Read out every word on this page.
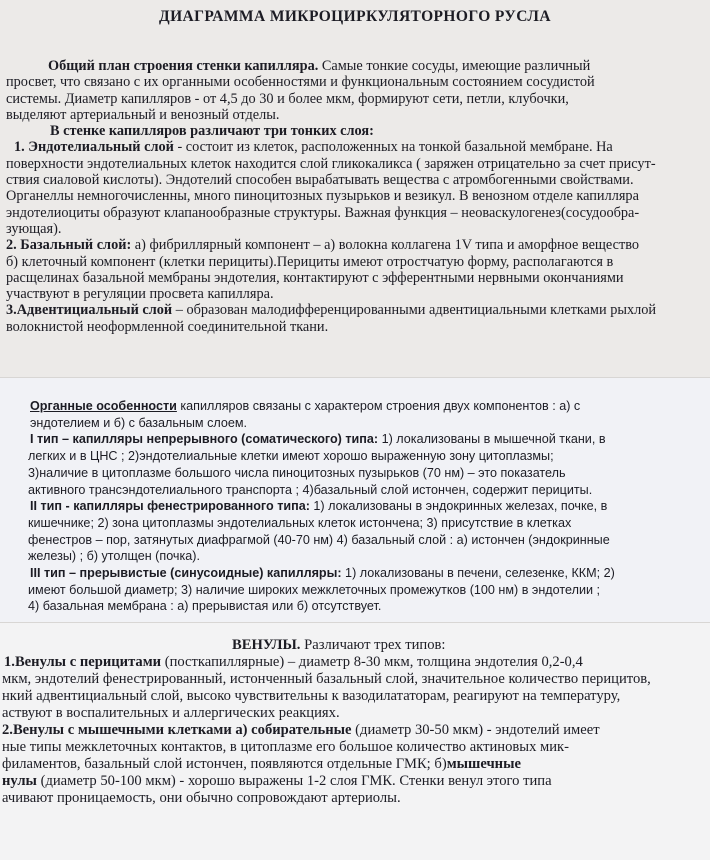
ДИАГРАММА МИКРОЦИРКУЛЯТОРНОГО РУСЛА
Общий план строения стенки капилляра. Самые тонкие сосуды, имеющие различный
просвет, что связано с их органными особенностями и функциональным состоянием сосудистой
системы. Диаметр капилляров - от 4,5 до 30 и более мкм, формируют сети, петли, клубочки,
выделяют артериальный и венозный отделы.
В стенке капилляров различают три тонких слоя:
1. Эндотелиальный слой - состоит из клеток, расположенных на тонкой базальной мембране. На
поверхности эндотелиальных клеток находится слой гликокаликса ( заряжен отрицательно за счет присут-
ствия сиаловой кислоты). Эндотелий способен вырабатывать вещества с атромбогенными свойствами.
Органеллы немногочисленны, много пиноцитозных пузырьков и везикул. В венозном отделе капилляра
эндотелиоциты образуют клапанообразные структуры. Важная функция – неоваскулогенез(сосудообра-
зующая).
2. Базальный слой: а) фибриллярный компонент – а) волокна коллагена 1V типа и аморфное вещество
б) клеточный компонент (клетки перициты).Перициты имеют отростчатую форму, располагаются в
расщелинах базальной мембраны эндотелия, контактируют с эфферентными нервными окончаниями
участвуют в регуляции просвета капилляра.
3.Адвентициальный слой – образован малодифференцированными адвентициальными клетками рыхлой
волокнистой неоформленной соединительной ткани.
Органные особенности капилляров связаны с характером строения двух компонентов : а) с
эндотелием и б) с базальным слоем.
I тип – капилляры непрерывного (соматического) типа: 1) локализованы в мышечной ткани, в
легких и в ЦНС ; 2)эндотелиальные клетки имеют хорошо выраженную зону цитоплазмы;
3)наличие в цитоплазме большого числа пиноцитозных пузырьков (70 нм) – это показатель
активного трансэндотелиального транспорта ; 4)базальный слой истончен, содержит перициты.
II тип - капилляры фенестрированного типа: 1) локализованы в эндокринных железах, почке, в
кишечнике; 2) зона цитоплазмы эндотелиальных клеток истончена; 3) присутствие в клетках
фенестров – пор, затянутых диафрагмой (40-70 нм) 4) базальный слой : а) истончен (эндокринные
железы) ; б) утолщен (почка).
III тип – прерывистые (синусоидные) капилляры: 1) локализованы в печени, селезенке, ККМ; 2)
имеют большой диаметр; 3) наличие широких межклеточных промежутков (100 нм) в эндотелии ;
4) базальная мембрана : а) прерывистая или б) отсутствует.
ВЕНУЛЫ. Различают трех типов:
1.Венулы с перицитами (посткапиллярные) – диаметр 8-30 мкм, толщина эндотелия 0,2-0,4
мкм, эндотелий фенестрированный, истонченный базальный слой, значительное количество перицитов,
нкий адвентициальный слой, высоко чувствительны к вазодилататорам, реагируют на температуру,
аствуют в воспалительных и аллергических реакциях.
2.Венулы с мышечными клетками а) собирательные (диаметр 30-50 мкм) - эндотелий имеет
ные типы межклеточных контактов, в цитоплазме его большое количество актиновых мик-
филаментов, базальный слой истончен, появляются отдельные ГМК; б)мышечные
нулы (диаметр 50-100 мкм) - хорошо выражены 1-2 слоя ГМК. Стенки венул этого типа
ачивают проницаемость, они обычно сопровождают артериолы.
